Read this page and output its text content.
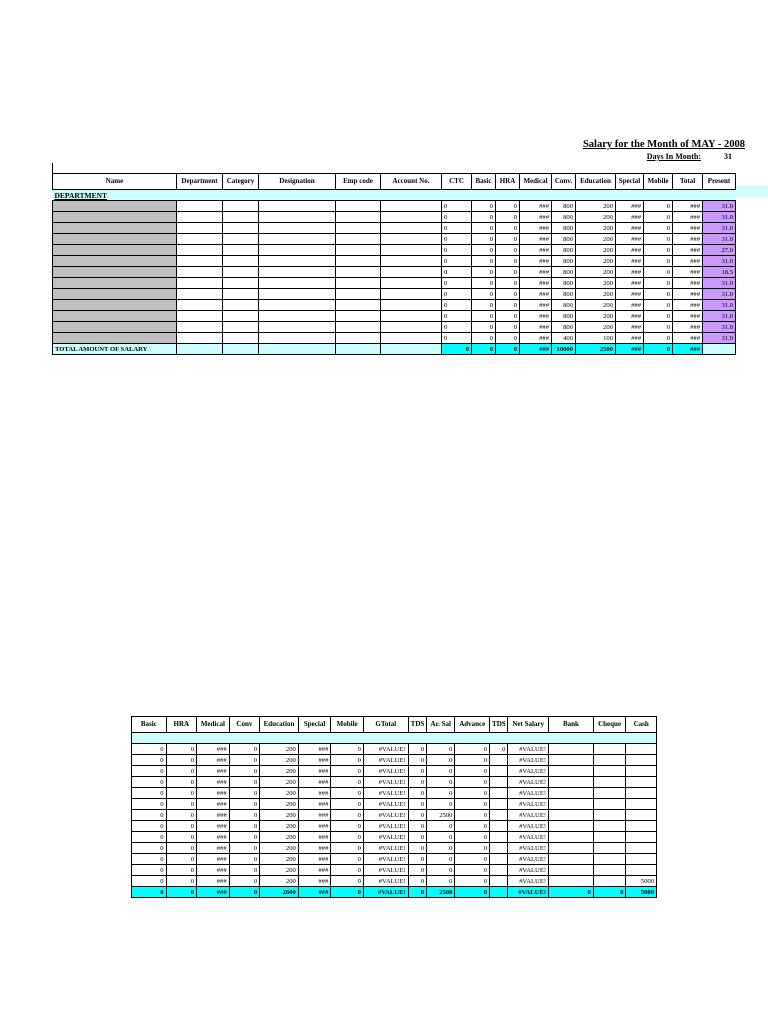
Salary for the Month of MAY - 2008
Days In Month:	31
Name	Department	Category	Designation	Emp code	Account No.	CTC	Basic	HRA	Medical	Conv.	Education	Special	Mobile	Total	Present
DEPARTMENT															
						0	0	0	###	800	200	###	0	###	31.0
						0	0	0	###	800	200	###	0	###	31.0
						0	0	0	###	800	200	###	0	###	31.0
						0	0	0	###	800	200	###	0	###	31.0
						0	0	0	###	800	200	###	0	###	27.0
						0	0	0	###	800	200	###	0	###	31.0
						0	0	0	###	800	200	###	0	###	18.5
						0	0	0	###	800	200	###	0	###	31.0
						0	0	0	###	800	200	###	0	###	31.0
						0	0	0	###	800	200	###	0	###	31.0
						0	0	0	###	800	200	###	0	###	31.0
						0	0	0	###	800	200	###	0	###	31.0
						0	0	0	###	400	100	###	0	###	31.0
TOTAL AMOUNT OF SALARY						0	0	0	###	10000	2500	###	0	###	
Basic	HRA	Medical	Conv	Education	Special	Mobile	GTotal	TDS	Ar. Sal	Advance	TDS	Net Salary	Bank	Cheque	Cash

0	0	###	0	200	###	0	#VALUE!	0	0	0	0	#VALUE!			
0	0	###	0	200	###	0	#VALUE!	0	0	0		#VALUE!			
0	0	###	0	200	###	0	#VALUE!	0	0	0		#VALUE!			
0	0	###	0	200	###	0	#VALUE!	0	0	0		#VALUE!			
0	0	###	0	200	###	0	#VALUE!	0	0	0		#VALUE!			
0	0	###	0	200	###	0	#VALUE!	0	0	0		#VALUE!			
0	0	###	0	200	###	0	#VALUE!	0	2500	0		#VALUE!			
0	0	###	0	200	###	0	#VALUE!	0	0	0		#VALUE!			
0	0	###	0	200	###	0	#VALUE!	0	0	0		#VALUE!			
0	0	###	0	200	###	0	#VALUE!	0	0	0		#VALUE!			
0	0	###	0	200	###	0	#VALUE!	0	0	0		#VALUE!			
0	0	###	0	200	###	0	#VALUE!	0	0	0		#VALUE!			
0	0	###	0	200	###	0	#VALUE!	0	0	0		#VALUE!			5000
0	0	###	0	2600	###	0	#VALUE!	0	2500	0		#VALUE!	0	0	5000
